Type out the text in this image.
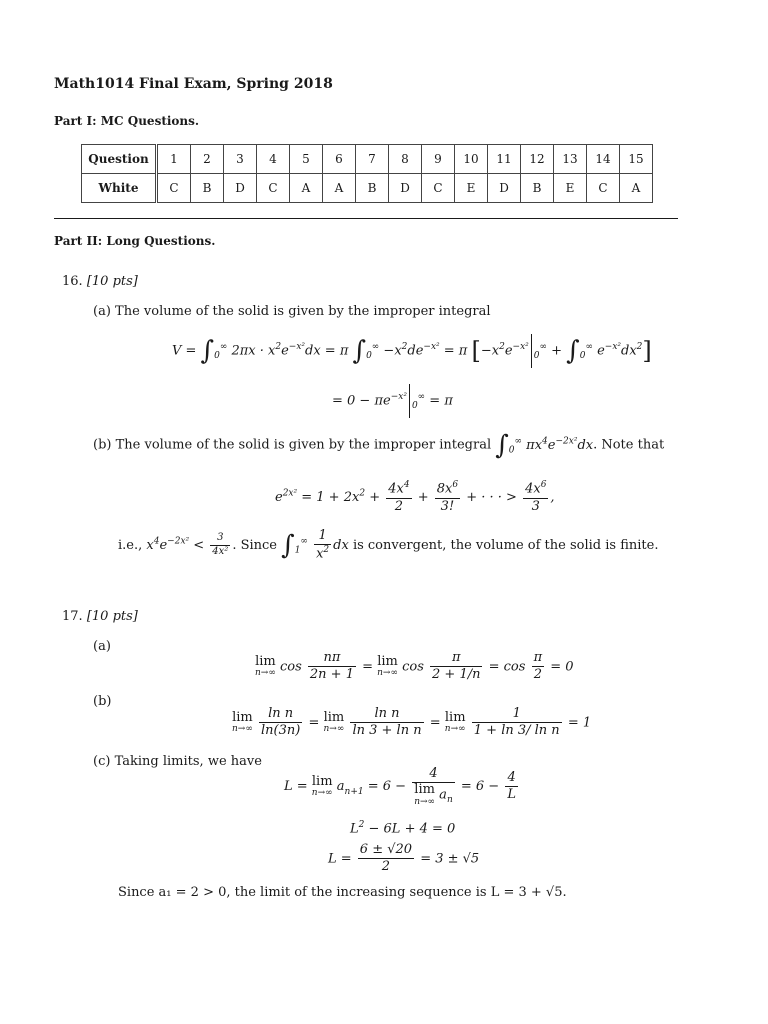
Math1014 Final Exam, Spring 2018
Part I: MC Questions.
Question	1	2	3	4	5	6	7	8	9	10	11	12	13	14	15
White	C	B	D	C	A	A	B	D	C	E	D	B	E	C	A
Part II: Long Questions.
16. [10 pts]
(a) The volume of the solid is given by the improper integral
$V = \int_0^\infty$ $2\pi x \cdot x^2e^{-x^2}dx = \pi$ $\int_0^\infty -x^2de^{-x^2} = \pi$ [$-x^2e^{-x^2}_0^\infty + \int_0^\infty$ $e^{-x^2}dx^2$]
= $0 - \pi e^{-x^2}_0^\infty = \pi$
(b) The volume of the solid is given by the improper integral $\int_0^\infty$ $\pi x^4e^{-2x^2}dx$. Note that
$e^{2x^2} = 1 + 2x^2 + \frac{4x^4}{2} + \frac{8x^6}{3!}$ + · · · > $\frac{4x^6}{3}$ ,
i.e., $x^4e^{-2x^2} < \frac{3}{\text{4x²}}$ . Since $\int_1^\infty \frac{1}{x^2}$ dx is convergent, the volume of the solid is finite.
17. [10 pts]
(a)
lim
n→∞ $\cos \frac{n\pi}{2n + 1} = \lim$
n→∞ $\cos \frac{\pi}{2 + 1/n} = \cos \frac{\pi}{2} = 0$
(b)
lim
n→∞
$\frac{\text{ln n}}{\ln(3n)} = \lim$
n→∞
$\frac{\text{ln n}}{\text{ln 3 + ln n}} = \lim$
n→∞
$\frac{1}{\text{1 + ln 3/ ln n}} = 1$
(c) Taking limits, we have
L = lim
n→∞ $a_{n+1} = 6 - 4$
lim
n→∞ $a_n = 6 - \frac{4}{L}$
$L^2 - 6L + 4 = 0$
$L = \frac{6 \pm √20}{2} = 3 \pm √5$
Since a₁ = 2 > 0, the limit of the increasing sequence is L = 3 + √5.
